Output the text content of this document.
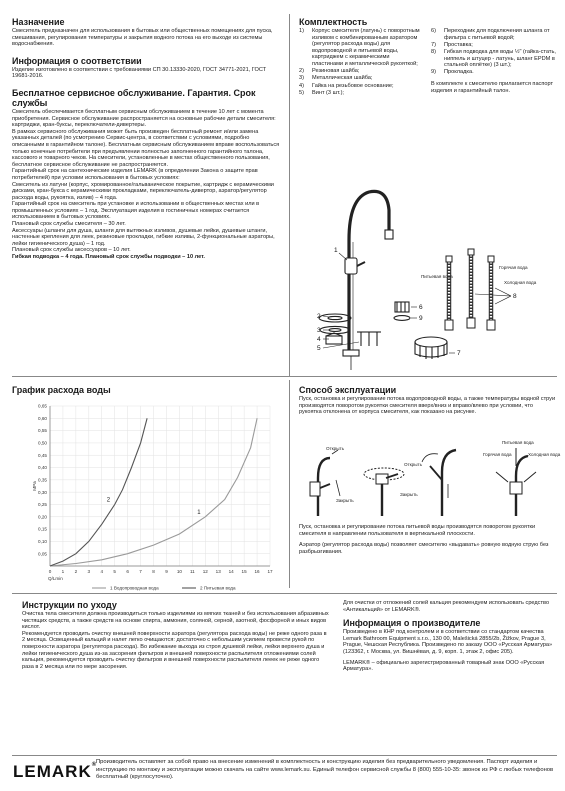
Назначение

Смеситель предназначен для использования в бытовых или общественных помещениях для пуска, смешивания, регулирования температуры и закрытия водного потока на его выходе из системы водоснабжения.

Информация о соответствии

Изделие изготовлено в соответствии с требованиями СП 30.13330-2020, ГОСТ 34771-2021, ГОСТ 19681-2016.

Бесплатное сервисное обслуживание. Гарантия. Срок службы

Смеситель обеспечивается бесплатным сервисным обслуживанием в течение 10 лет с момента приобретения. Сервисное обслуживание распространяется на основные рабочие детали смесителя: картриджи, кран-буксы, переключатели-дивертеры.

В рамках сервисного обслуживания может быть произведен бесплатный ремонт и/или замена указанных деталей (по усмотрению Сервис-центра, в соответствии с условиями, подробно описанными в гарантийном талоне). Бесплатным сервисным обслуживанием вправе воспользоваться только конечные потребители при предъявлении полностью заполненного гарантийного талона, кассового и товарного чеков. На смесители, установленные в местах общественного пользования, бесплатное сервисное обслуживание не распространяется.

Гарантийный срок на сантехнические изделия LEMARK (в определении Закона о защите прав потребителей) при условии использования в бытовых условиях:

Смеситель из латуни (корпус, хромированное/гальваническое покрытие, картридж с керамическими дисками, кран-букса с керамическими прокладками, переключатель-дивертор, аэратор/регулятор расхода воды, рукоятка, излив) – 4 года.

Гарантийный срок на смеситель при установке и использовании в общественных местах или в промышленных условиях – 1 год. Эксплуатация изделия в гостиничных номерах считается использованием в бытовых условиях.

Плановый срок службы смесителя – 30 лет.

Аксессуары (шланги для душа, шланги для вытяжных изливов, душевые лейки, душевые штанги, настенные крепления для леек, резиновые прокладки, гибкие изливы, 2-функциональные аэраторы, лейки гигиенического душа) – 1 год.

Плановый срок службы аксессуаров – 10 лет.

Гибкая подводка – 4 года. Плановый срок службы подводки – 10 лет.

Комплектность
1)	Корпус смесителя (латунь) с поворотным изливом с комбинированным аэратором (регулятор расхода воды) для водопроводной и питьевой воды, картриджем с керамическими пластинами и металлической рукояткой;
2)	Резиновая шайба;
3)	Металлическая шайба;
4)	Гайка на резьбовое основание;
5)	Винт (3 шт.);
6)	Переходник для подключения шланга от фильтра с питьевой водой;
7)	Проставка;
8)	Гибкая подводка для воды ½" (гайка-стать, ниппель и штуцер - латунь, шланг EPDM в стальной оплётке) (3 шт.);
9)	Прокладка.

В комплекте к смесителю прилагается паспорт изделия и гарантийный талон.

1
2
3
4
5
6
7
8
9
Питьевая вода
Горячая вода
Холодная вода
График расхода воды
0 1 2 3 4 5 6 7 8 9 10 11 12 13 14 15 16 17
0,05
0,10
0,15
0,20
0,25
0,30
0,35
0,40
0,45
0,50
0,55
0,60
0,65
MPa
Q/Lmin
1
1 Водопроводная вода
2
2 Питьевая вода
Способ эксплуатации

Пуск, остановка и регулирование потока водопроводной воды, а также температуры водной струи производятся поворотом рукоятки смесителя вверх/вниз и вправо/влево при условии, что рукоятка отклонена от корпуса смесителя, как показано на рисунке.

Открыть
Закрыть
Открыть
Закрыть
Горячая вода
Питьевая вода
Холодная вода

Пуск, остановка и регулирование потока питьевой воды производятся поворотом рукоятки смесителя в направлении пользователя в вертикальной плоскости.

Аэратор (регулятор расхода воды) позволяет смесителю «выдавать» ровную водную струю без разбрызгивания.

Инструкции по уходу

Очистка тела смесителя должна производиться только изделиями из мягких тканей и без использования абразивных чистящих средств, а также средств на основе спирта, аммония, соляной, серной, азотной, фосфорной и иных видов кислот.

Рекомендуется проводить очистку внешней поверхности аэратора (регулятора расхода воды) не реже одного раза в 2 месяца. Освещенный кальций и налет легко очищаются: достаточно с небольшим усилием провести рукой по поверхности аэратора (регулятора расхода). Во избежание выхода из строя душевой лейки, лейки верхнего душа и лейки гигиенического душа из-за засорения фильтров и внешней поверхности распылителя отложениями солей кальция, рекомендуется проводить очистку фильтров и внешней поверхности распылителя лееек не реже одного раза в 2 месяца или по мере засорения.

Для очистки от отложений солей кальция рекомендуем использовать средство «Антикальций» от LEMARK®.

Информация о производителе

Произведено в КНР под контролем и в соответствии со стандартом качества Lemark Bathroom Equipment s.r.o., 130 00, Malešická 2855/2b, Žižkov, Prague 3, Prague, Чешская Республика. Произведено по заказу ООО «Русская Арматура» (123362, г. Москва, ул. Вишнёвая, д. 9, корп. 1, этаж 2, офис 205).

LEMARK® – официально зарегистрированный товарный знак ООО «Русская Арматура».

LEMARK®
Производитель оставляет за собой право на внесение изменений в комплектность и конструкцию изделия без предварительного уведомления. Паспорт изделия и инструкцию по монтажу и эксплуатации можно скачать на сайте www.lemark.su. Единый телефон сервисной службы 8 (800) 555-10-35: звонок из РФ с любых телефонов бесплатный (круглосуточно).
